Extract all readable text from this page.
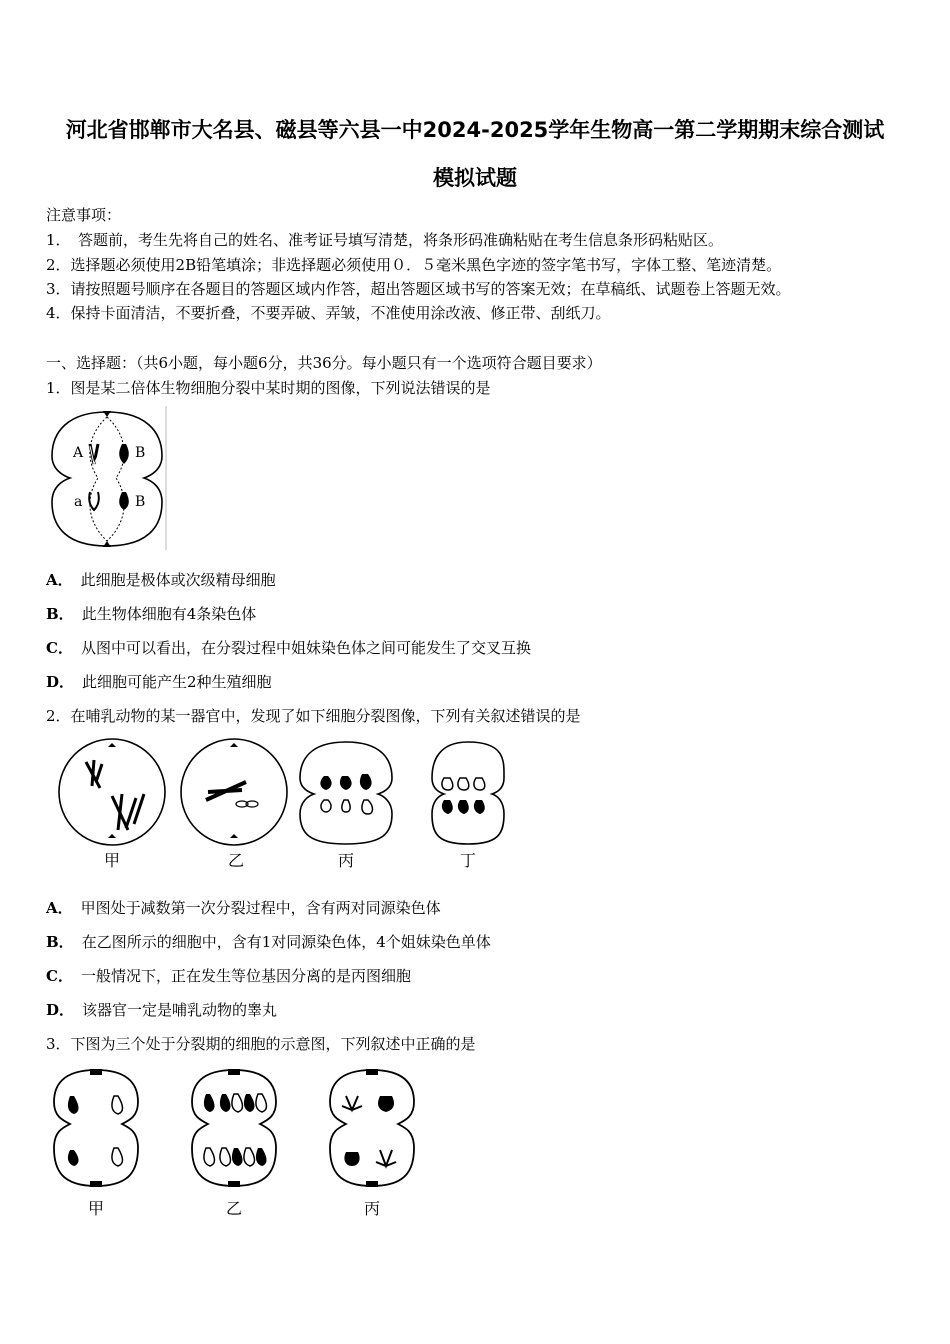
河北省邯郸市大名县、磁县等六县一中2024-2025学年生物高一第二学期期末综合测试
模拟试题
注意事项：
1．　答题前，考生先将自己的姓名、准考证号填写清楚，将条形码准确粘贴在考生信息条形码粘贴区。
2．选择题必须使用2B铅笔填涂；非选择题必须使用０．５毫米黑色字迹的签字笔书写，字体工整、笔迹清楚。
3．请按照题号顺序在各题目的答题区域内作答，超出答题区域书写的答案无效；在草稿纸、试题卷上答题无效。
4．保持卡面清洁，不要折叠，不要弄破、弄皱，不准使用涂改液、修正带、刮纸刀。
一、选择题：（共6小题，每小题6分，共36分。每小题只有一个选项符合题目要求）
1．图是某二倍体生物细胞分裂中某时期的图像，下列说法错误的是
A	B
a	B
A． 此细胞是极体或次级精母细胞
B． 此生物体细胞有4条染色体
C． 从图中可以看出，在分裂过程中姐妹染色体之间可能发生了交叉互换
D． 此细胞可能产生2种生殖细胞
2．在哺乳动物的某一器官中，发现了如下细胞分裂图像，下列有关叙述错误的是
甲	乙	丙	丁
A． 甲图处于减数第一次分裂过程中，含有两对同源染色体
B． 在乙图所示的细胞中，含有1对同源染色体，4个姐妹染色单体
C． 一般情况下，正在发生等位基因分离的是丙图细胞
D． 该器官一定是哺乳动物的睾丸
3．下图为三个处于分裂期的细胞的示意图，下列叙述中正确的是
甲	乙	丙
